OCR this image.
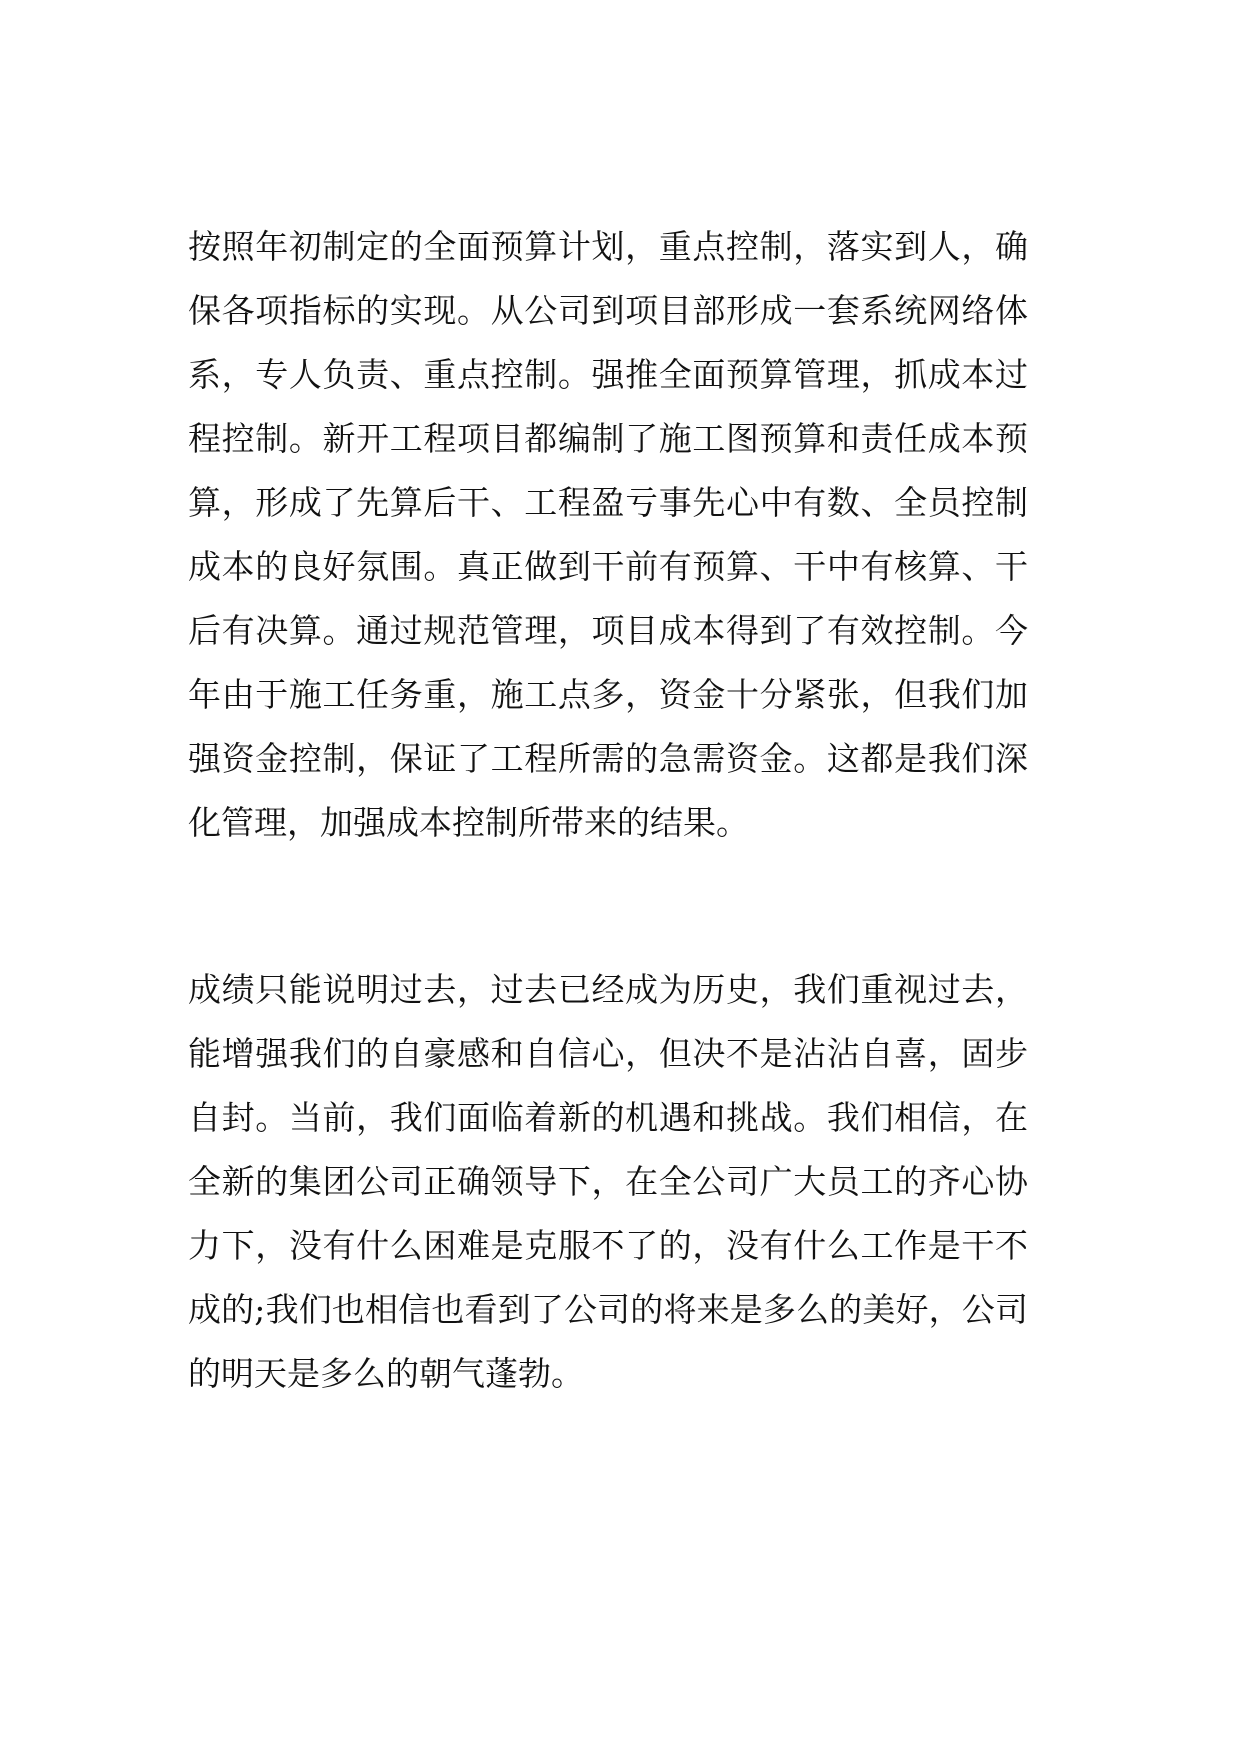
按照年初制定的全面预算计划，重点控制，落实到人，确
保各项指标的实现。从公司到项目部形成一套系统网络体
系，专人负责、重点控制。强推全面预算管理，抓成本过
程控制。新开工程项目都编制了施工图预算和责任成本预
算，形成了先算后干、工程盈亏事先心中有数、全员控制
成本的良好氛围。真正做到干前有预算、干中有核算、干
后有决算。通过规范管理，项目成本得到了有效控制。今
年由于施工任务重，施工点多，资金十分紧张，但我们加
强资金控制，保证了工程所需的急需资金。这都是我们深
化管理，加强成本控制所带来的结果。
成绩只能说明过去，过去已经成为历史，我们重视过去，
能增强我们的自豪感和自信心，但决不是沾沾自喜，固步
自封。当前，我们面临着新的机遇和挑战。我们相信，在
全新的集团公司正确领导下，在全公司广大员工的齐心协
力下，没有什么困难是克服不了的，没有什么工作是干不
成的;我们也相信也看到了公司的将来是多么的美好，公司
的明天是多么的朝气蓬勃。
